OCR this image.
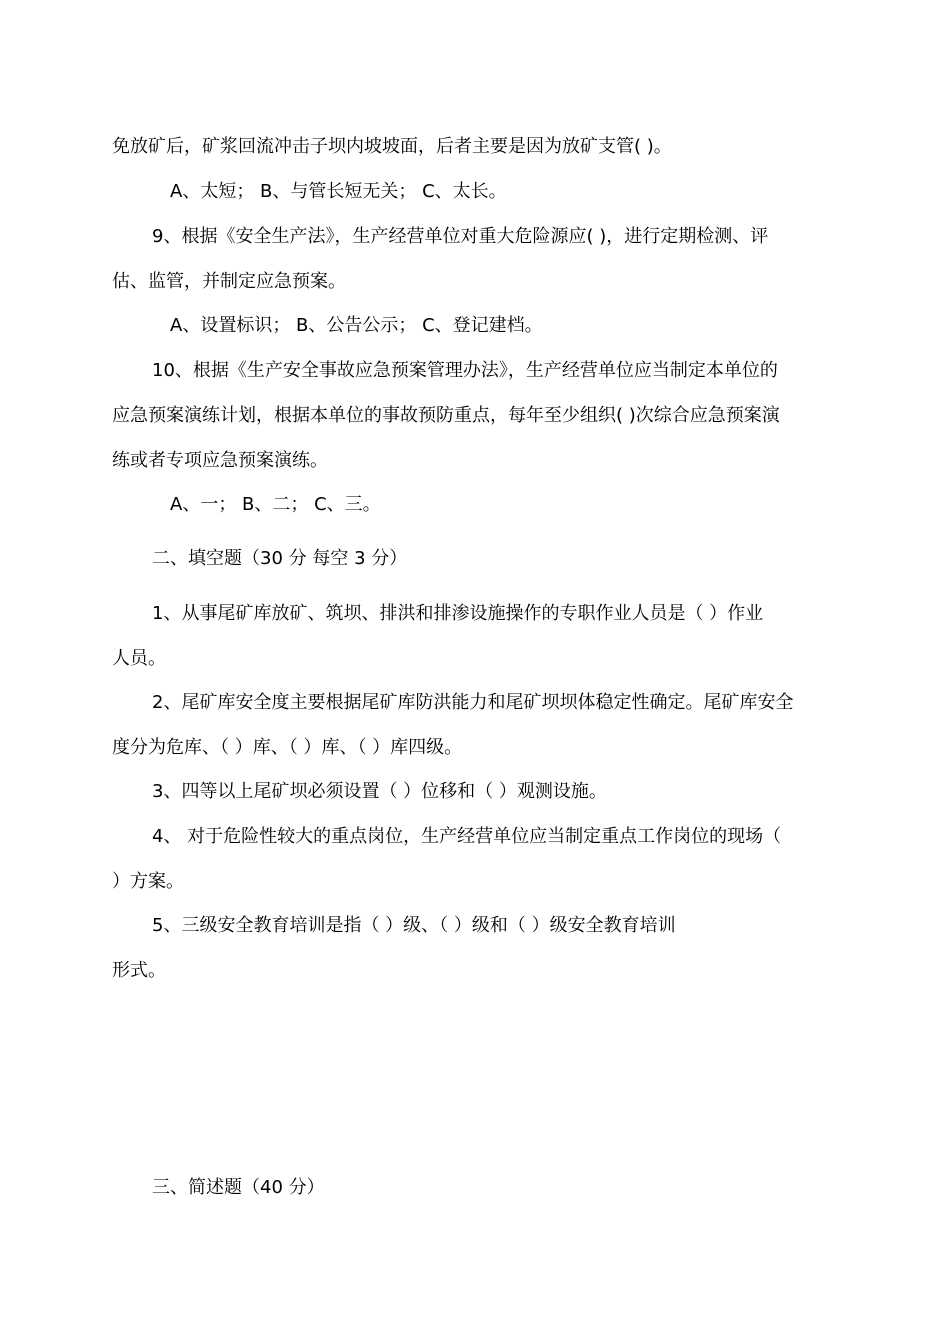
免放矿后，矿浆回流冲击子坝内坡坡面，后者主要是因为放矿支管( )。
A、太短； B、与管长短无关； C、太长。
9、根据《安全生产法》，生产经营单位对重大危险源应( )，进行定期检测、评
估、监管，并制定应急预案。
A、设置标识； B、公告公示； C、登记建档。
10、根据《生产安全事故应急预案管理办法》，生产经营单位应当制定本单位的
应急预案演练计划，根据本单位的事故预防重点，每年至少组织( )次综合应急预案演
练或者专项应急预案演练。
A、一； B、二； C、三。
二、填空题（30 分 每空 3 分）
1、从事尾矿库放矿、筑坝、排洪和排渗设施操作的专职作业人员是（ ）作业
人员。
2、尾矿库安全度主要根据尾矿库防洪能力和尾矿坝坝体稳定性确定。尾矿库安全
度分为危库、（ ）库、（ ）库、（ ）库四级。
3、四等以上尾矿坝必须设置（ ）位移和（ ）观测设施。
4、 对于危险性较大的重点岗位，生产经营单位应当制定重点工作岗位的现场（
）方案。
5、三级安全教育培训是指（ ）级、（ ）级和（ ）级安全教育培训
形式。
三、简述题（40 分）
